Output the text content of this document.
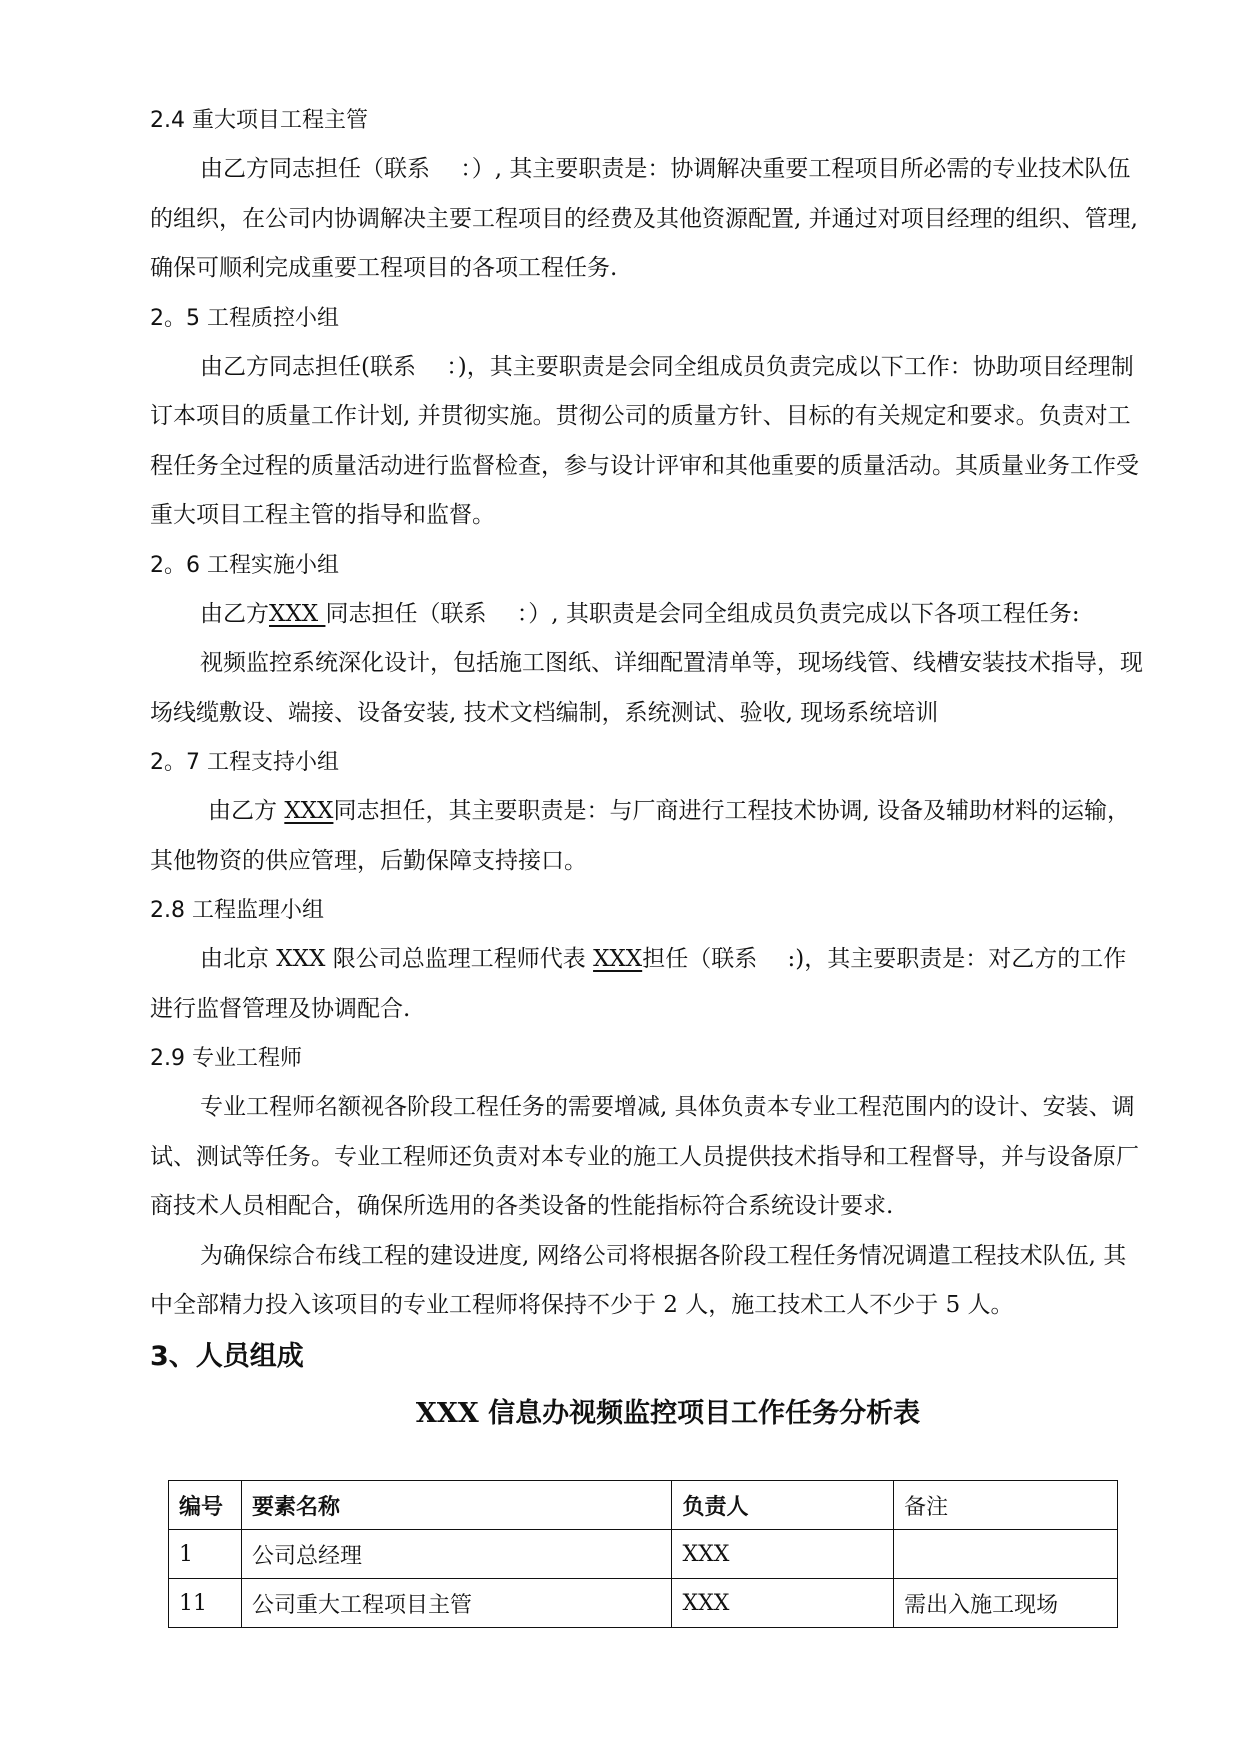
2.4 重大项目工程主管

由乙方同志担任（联系　 ：）, 其主要职责是：协调解决重要工程项目所必需的专业技术队伍的组织，在公司内协调解决主要工程项目的经费及其他资源配置, 并通过对项目经理的组织、管理, 确保可顺利完成重要工程项目的各项工程任务.

2。5 工程质控小组

由乙方同志担任(联系　 ：)，其主要职责是会同全组成员负责完成以下工作：协助项目经理制订本项目的质量工作计划, 并贯彻实施。贯彻公司的质量方针、目标的有关规定和要求。负责对工程任务全过程的质量活动进行监督检查，参与设计评审和其他重要的质量活动。其质量业务工作受重大项目工程主管的指导和监督。

2。6 工程实施小组

由乙方XXX 同志担任（联系　 ：）, 其职责是会同全组成员负责完成以下各项工程任务:

视频监控系统深化设计，包括施工图纸、详细配置清单等，现场线管、线槽安装技术指导，现场线缆敷设、端接、设备安装, 技术文档编制，系统测试、验收, 现场系统培训

2。7 工程支持小组

由乙方 XXX同志担任，其主要职责是：与厂商进行工程技术协调, 设备及辅助材料的运输，其他物资的供应管理，后勤保障支持接口。

2.8 工程监理小组

由北京 XXX 限公司总监理工程师代表 XXX担任（联系　 :)，其主要职责是：对乙方的工作进行监督管理及协调配合.

2.9 专业工程师

专业工程师名额视各阶段工程任务的需要增减, 具体负责本专业工程范围内的设计、安装、调试、测试等任务。专业工程师还负责对本专业的施工人员提供技术指导和工程督导，并与设备原厂商技术人员相配合，确保所选用的各类设备的性能指标符合系统设计要求.

为确保综合布线工程的建设进度, 网络公司将根据各阶段工程任务情况调遣工程技术队伍, 其中全部精力投入该项目的专业工程师将保持不少于 2 人，施工技术工人不少于 5 人。

3、人员组成
XXX 信息办视频监控项目工作任务分析表
编号	要素名称	负责人	备注
1	公司总经理	XXX	
11	公司重大工程项目主管	XXX	需出入施工现场
